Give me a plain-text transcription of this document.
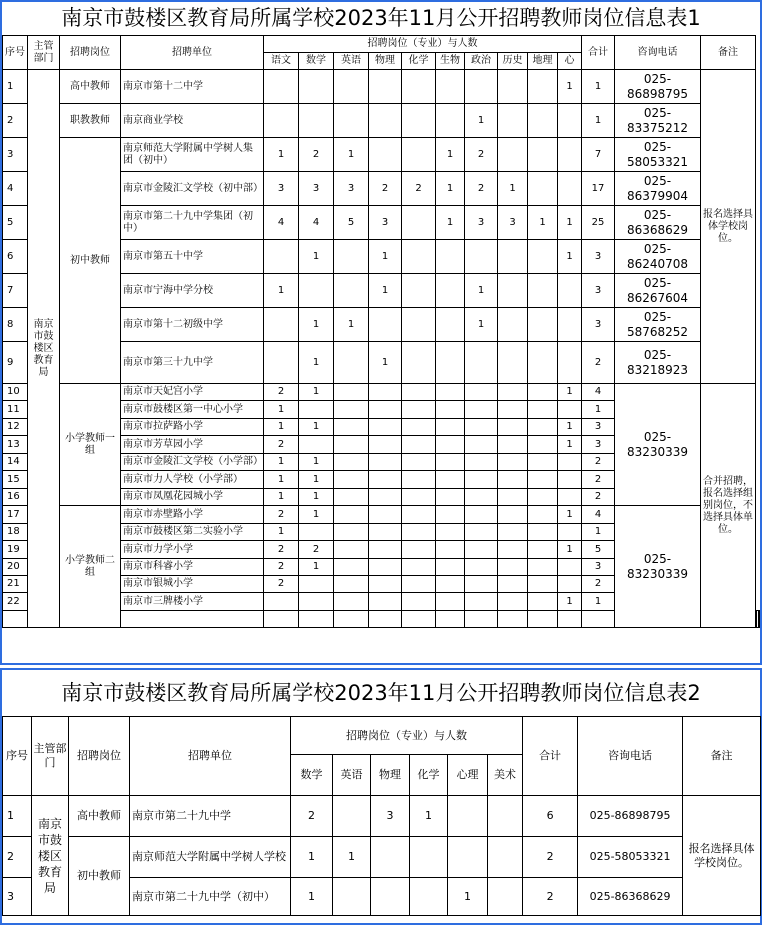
南京市鼓楼区教育局所属学校2023年11月公开招聘教师岗位信息表1
序号	主管部门	招聘岗位	招聘单位	招聘岗位（专业）与人数										合计	咨询电话	备注		
				语文	数学	英语	物理	化学	生物	政治	历史	地理	心					
1	南京市鼓楼区教育局	高中教师	南京市第十二中学										1	1	025-86898795	报名选择具体学校岗位。		
2		职教教师	南京商业学校							1				1	025-83375212			
3		初中教师	南京师范大学附属中学树人集团（初中）	1	2	1			1	2				7	025-58053321			
4			南京市金陵汇文学校（初中部）	3	3	3	2	2	1	2	1			17	025-86379904			
5			南京市第二十九中学集团（初中）	4	4	5	3		1	3	3	1	1	25	025-86368629			
6			南京市第五十中学		1		1						1	3	025-86240708			
7			南京市宁海中学分校	1			1			1				3	025-86267604			
8			南京市第十二初级中学		1	1				1				3	025-58768252			
9			南京市第三十九中学		1		1							2	025-83218923			
10		小学教师一组	南京市天妃宫小学	2	1								1	4	025-83230339	合并招聘，报名选择组别岗位，不选择具体单位。		
11			南京市鼓楼区第一中心小学	1										1				
12			南京市拉萨路小学	1	1								1	3				
13			南京市芳草园小学	2									1	3				
14			南京市金陵汇文学校（小学部）	1	1									2				
15			南京市力人学校（小学部）	1	1									2				
16			南京市凤凰花园城小学	1	1									2				
17		小学教师二组	南京市赤壁路小学	2	1								1	4	025-83230339			
18			南京市鼓楼区第二实验小学	1										1				
19			南京市力学小学	2	2								1	5				
20			南京市科睿小学	2	1									3				
21			南京市银城小学	2										2				
22			南京市三牌楼小学										1	1				

南京市鼓楼区教育局所属学校2023年11月公开招聘教师岗位信息表2
序号	主管部门	招聘岗位	招聘单位	招聘岗位（专业）与人数						合计	咨询电话	备注
				数学	英语	物理	化学	心理	美术			
1	南京市鼓楼区教育局	高中教师	南京市第二十九中学	2		3	1			6	025-86898795	报名选择具体学校岗位。
2		初中教师	南京师范大学附属中学树人学校	1	1					2	025-58053321	
3			南京市第二十九中学（初中）	1				1		2	025-86368629	
